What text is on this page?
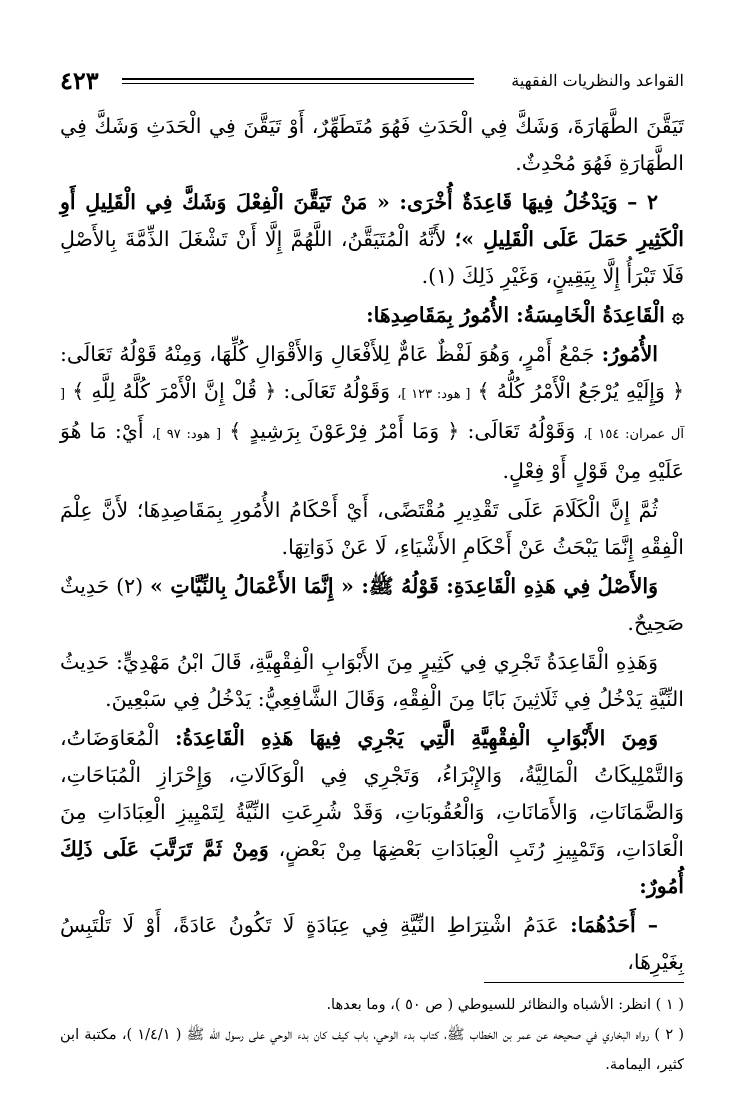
٤٢٣	القواعد والنظريات الفقهية

تَيَقَّنَ الطَّهَارَةَ، وَشَكَّ فِي الْحَدَثِ فَهُوَ مُتَطَهِّرٌ، أَوْ تَيَقَّنَ فِي الْحَدَثِ وَشَكَّ فِي الطَّهَارَةِ فَهُوَ مُحْدِثٌ.

٢ – وَيَدْخُلُ فِيهَا قَاعِدَةٌ أُخْرَى: « مَنْ تَيَقَّنَ الْفِعْلَ وَشَكَّ فِي الْقَلِيلِ أَوِ الْكَثِيرِ حَمَلَ عَلَى الْقَلِيلِ »؛ لأَنَّهُ الْمُتَيَقَّنُ، اللَّهُمَّ إِلَّا أَنْ تَشْغَلَ الذِّمَّةَ بِالأَصْلِ فَلَا تَبْرَأُ إِلَّا بِيَقِينٍ، وَغَيْرِ ذَلِكَ (١).

۞ الْقَاعِدَةُ الْخَامِسَةُ: الأُمُورُ بِمَقَاصِدِهَا:

الأُمُورُ: جَمْعُ أَمْرٍ، وَهُوَ لَفْظٌ عَامٌّ لِلأَفْعَالِ وَالأَقْوَالِ كُلِّهَا، وَمِنْهُ قَوْلُهُ تَعَالَى: ﴿ وَإِلَيْهِ يُرْجَعُ الْأَمْرُ كُلُّهُ ﴾ [ هود: ١٢٣ ]، وَقَوْلُهُ تَعَالَى: ﴿ قُلْ إِنَّ الْأَمْرَ كُلَّهُ لِلَّهِ ﴾ [ آل عمران: ١٥٤ ]، وَقَوْلُهُ تَعَالَى: ﴿ وَمَا أَمْرُ فِرْعَوْنَ بِرَشِيدٍ ﴾ [ هود: ٩٧ ]، أَيْ: مَا هُوَ عَلَيْهِ مِنْ قَوْلٍ أَوْ فِعْلٍ.

ثُمَّ إِنَّ الْكَلَامَ عَلَى تَقْدِيرِ مُقْتَضًى، أَيْ أَحْكَامُ الأُمُورِ بِمَقَاصِدِهَا؛ لأَنَّ عِلْمَ الْفِقْهِ إِنَّمَا يَبْحَثُ عَنْ أَحْكَامِ الأَشْيَاءِ، لَا عَنْ ذَوَاتِهَا.

وَالأَصْلُ فِي هَذِهِ الْقَاعِدَةِ: قَوْلُهُ ﷺ: « إِنَّمَا الأَعْمَالُ بِالنِّيَّاتِ » (٢) حَدِيثٌ صَحِيحٌ.

وَهَذِهِ الْقَاعِدَةُ تَجْرِي فِي كَثِيرٍ مِنَ الأَبْوَابِ الْفِقْهِيَّةِ، قَالَ ابْنُ مَهْدِيٍّ: حَدِيثُ النِّيَّةِ يَدْخُلُ فِي ثَلَاثِينَ بَابًا مِنَ الْفِقْهِ، وَقَالَ الشَّافِعِيُّ: يَدْخُلُ فِي سَبْعِينَ.

وَمِنَ الأَبْوَابِ الْفِقْهِيَّةِ الَّتِي يَجْرِي فِيهَا هَذِهِ الْقَاعِدَةُ: الْمُعَاوَضَاتُ، وَالتَّمْلِيكَاتُ الْمَالِيَّةُ، وَالإِبْرَاءُ، وَتَجْرِي فِي الْوَكَالَاتِ، وَإِحْرَازِ الْمُبَاحَاتِ، وَالضَّمَانَاتِ، وَالأَمَانَاتِ، وَالْعُقُوبَاتِ، وَقَدْ شُرِعَتِ النِّيَّةُ لِتَمْيِيزِ الْعِبَادَاتِ مِنَ الْعَادَاتِ، وَتَمْيِيزِ رُتَبِ الْعِبَادَاتِ بَعْضِهَا مِنْ بَعْضٍ، وَمِنْ ثَمَّ تَرَتَّبَ عَلَى ذَلِكَ أُمُورٌ:

– أَحَدُهُمَا: عَدَمُ اشْتِرَاطِ النِّيَّةِ فِي عِبَادَةٍ لَا تَكُونُ عَادَةً، أَوْ لَا تَلْتَبِسُ بِغَيْرِهَا،

( ١ ) انظر: الأشباه والنظائر للسيوطي ( ص ٥٠ )، وما بعدها.

( ٢ ) رواه البخاري في صحيحه عن عمر بن الخطاب ﷺ، كتاب بدء الوحي، باب كيف كان بدء الوحي على رسول الله ﷺ ( ١/٤/١ )، مكتبة ابن كثير، اليمامة.
